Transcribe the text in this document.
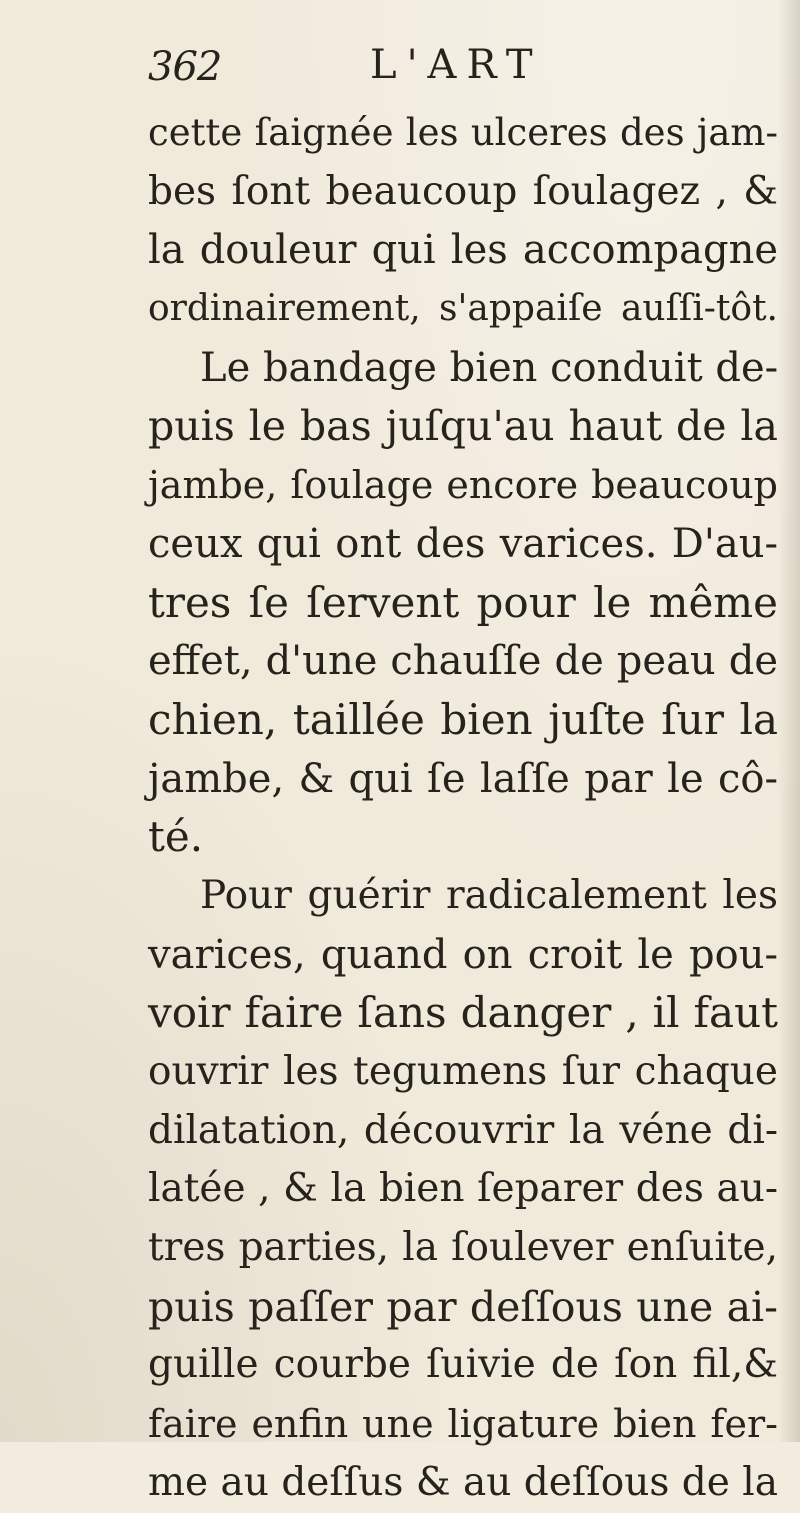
362	L'ART
cette ſaignée les ulceres des jam-
bes ſont beaucoup ſoulagez , &
la douleur qui les accompagne
ordinairement, s'appaiſe auſſi-tôt.
Le bandage bien conduit de-
puis le bas juſqu'au haut de la
jambe, ſoulage encore beaucoup
ceux qui ont des varices. D'au-
tres ſe ſervent pour le même
effet, d'une chauſſe de peau de
chien, taillée bien juſte ſur la
jambe, & qui ſe laſſe par le cô-
té.
Pour guérir radicalement les
varices, quand on croit le pou-
voir faire ſans danger , il faut
ouvrir les tegumens ſur chaque
dilatation, découvrir la véne di-
latée , & la bien ſeparer des au-
tres parties, la ſoulever enſuite,
puis paſſer par deſſous une ai-
guille courbe ſuivie de ſon fil,&
faire enfin une ligature bien fer-
me au deſſus & au deſſous de la
